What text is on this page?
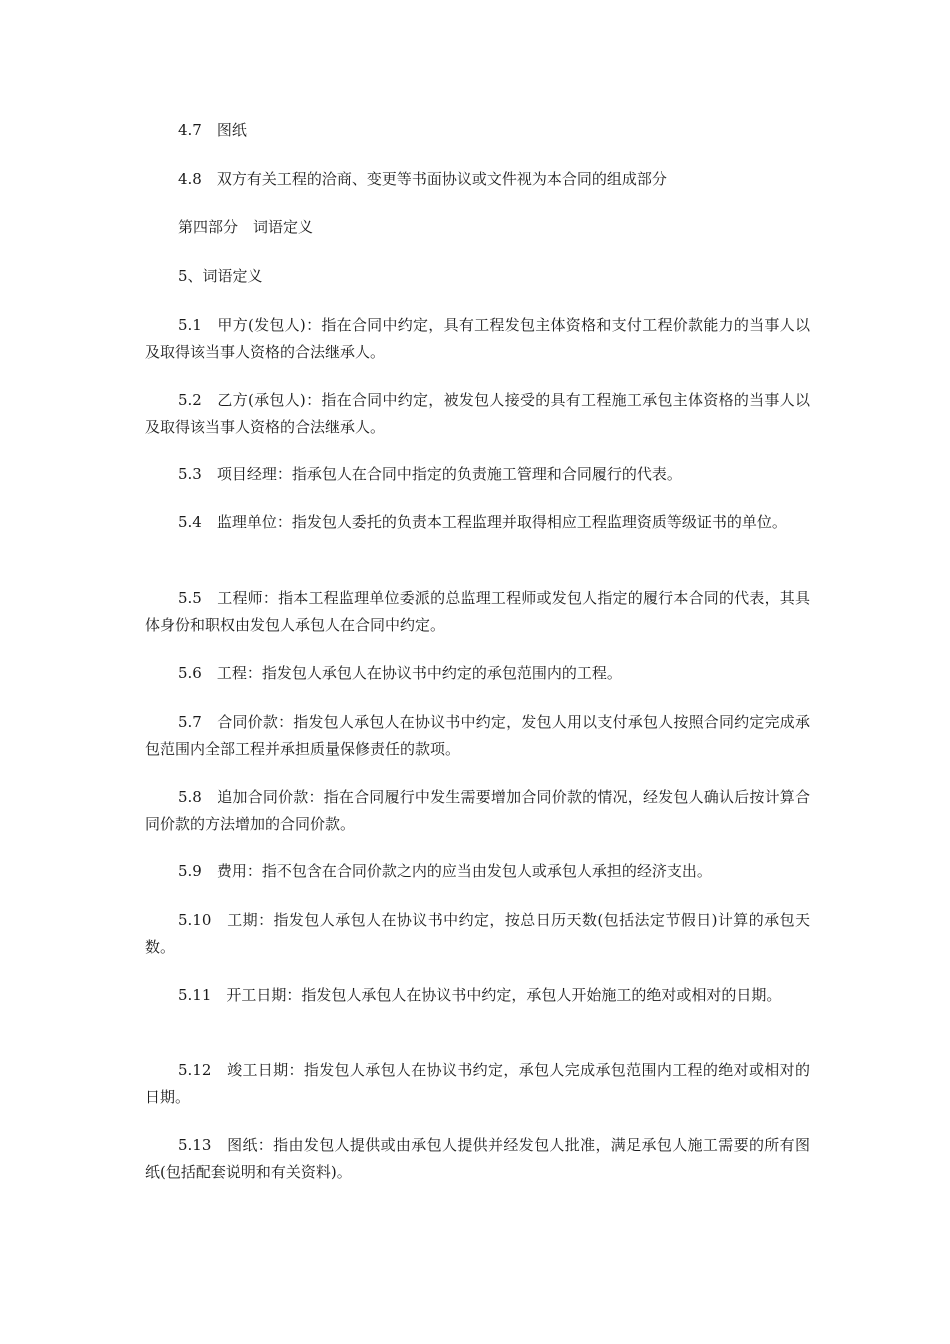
4.7　图纸

4.8　双方有关工程的洽商、变更等书面协议或文件视为本合同的组成部分

第四部分　词语定义

5、词语定义

5.1　甲方(发包人)：指在合同中约定，具有工程发包主体资格和支付工程价款能力的当事人以及取得该当事人资格的合法继承人。

5.2　乙方(承包人)：指在合同中约定，被发包人接受的具有工程施工承包主体资格的当事人以及取得该当事人资格的合法继承人。

5.3　项目经理：指承包人在合同中指定的负责施工管理和合同履行的代表。

5.4　监理单位：指发包人委托的负责本工程监理并取得相应工程监理资质等级证书的单位。

5.5　工程师：指本工程监理单位委派的总监理工程师或发包人指定的履行本合同的代表，其具体身份和职权由发包人承包人在合同中约定。

5.6　工程：指发包人承包人在协议书中约定的承包范围内的工程。

5.7　合同价款：指发包人承包人在协议书中约定，发包人用以支付承包人按照合同约定完成承包范围内全部工程并承担质量保修责任的款项。

5.8　追加合同价款：指在合同履行中发生需要增加合同价款的情况，经发包人确认后按计算合同价款的方法增加的合同价款。

5.9　费用：指不包含在合同价款之内的应当由发包人或承包人承担的经济支出。

5.10　工期：指发包人承包人在协议书中约定，按总日历天数(包括法定节假日)计算的承包天数。

5.11　开工日期：指发包人承包人在协议书中约定，承包人开始施工的绝对或相对的日期。

5.12　竣工日期：指发包人承包人在协议书约定，承包人完成承包范围内工程的绝对或相对的日期。

5.13　图纸：指由发包人提供或由承包人提供并经发包人批准，满足承包人施工需要的所有图纸(包括配套说明和有关资料)。
